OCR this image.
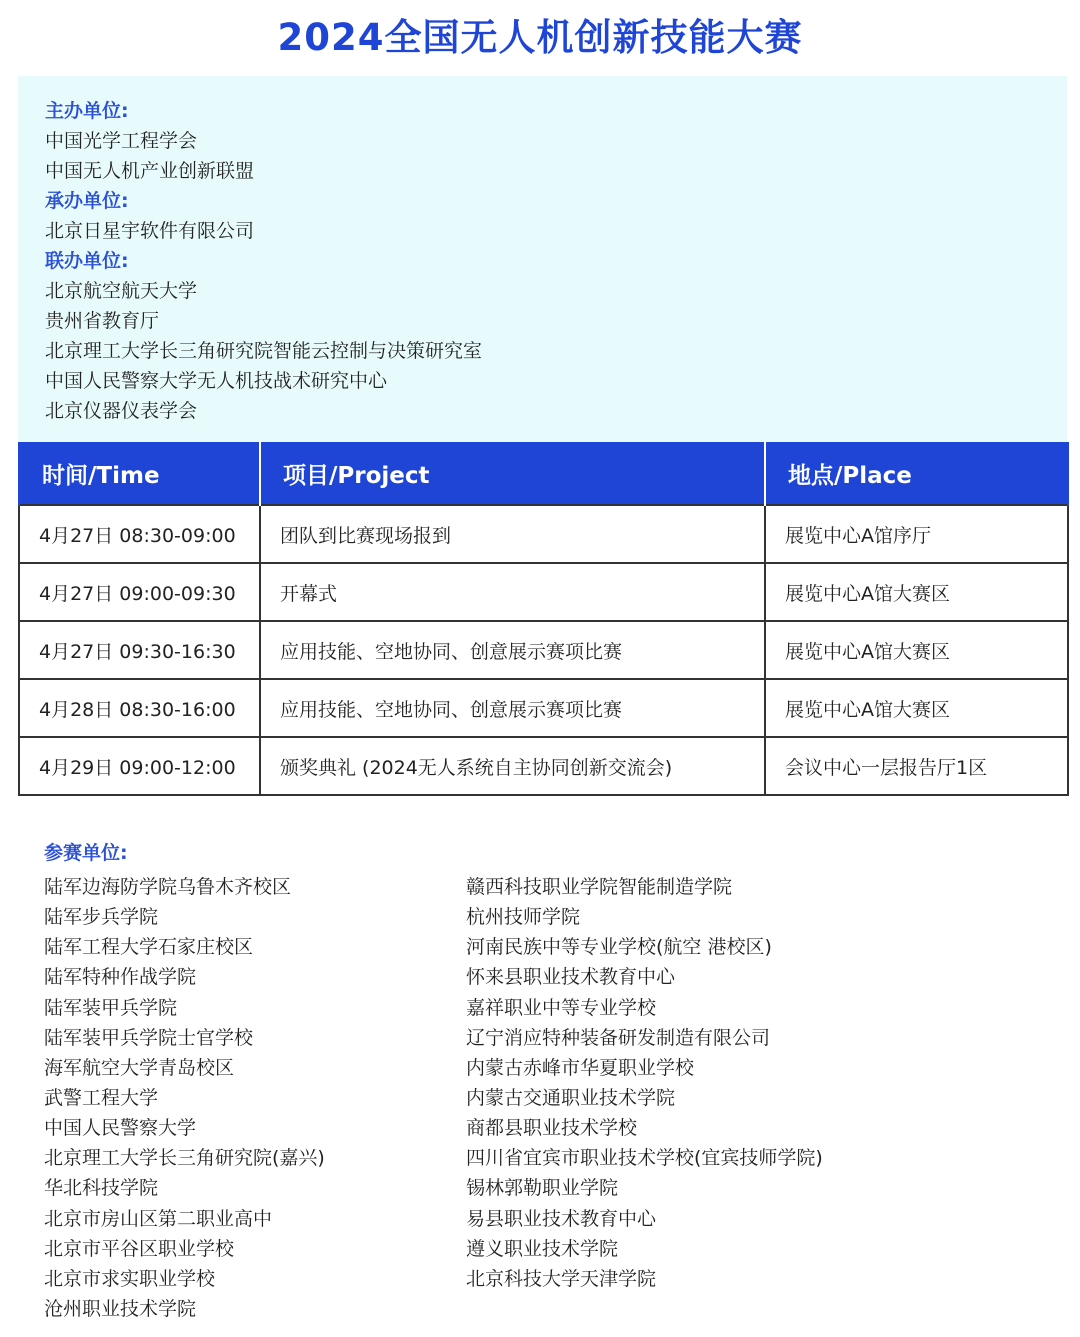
2024全国无人机创新技能大赛
主办单位:
中国光学工程学会
中国无人机产业创新联盟
承办单位:
北京日星宇软件有限公司
联办单位:
北京航空航天大学
贵州省教育厅
北京理工大学长三角研究院智能云控制与决策研究室
中国人民警察大学无人机技战术研究中心
北京仪器仪表学会
时间/Time	项目/Project	地点/Place
4月27日 08:30-09:00	团队到比赛现场报到	展览中心A馆序厅
4月27日 09:00-09:30	开幕式	展览中心A馆大赛区
4月27日 09:30-16:30	应用技能、空地协同、创意展示赛项比赛	展览中心A馆大赛区
4月28日 08:30-16:00	应用技能、空地协同、创意展示赛项比赛	展览中心A馆大赛区
4月29日 09:00-12:00	颁奖典礼 (2024无人系统自主协同创新交流会)	会议中心一层报告厅1区
参赛单位:
陆军边海防学院乌鲁木齐校区
陆军步兵学院
陆军工程大学石家庄校区
陆军特种作战学院
陆军装甲兵学院
陆军装甲兵学院士官学校
海军航空大学青岛校区
武警工程大学
中国人民警察大学
北京理工大学长三角研究院(嘉兴)
华北科技学院
北京市房山区第二职业高中
北京市平谷区职业学校
北京市求实职业学校
沧州职业技术学院
赣西科技职业学院智能制造学院
杭州技师学院
河南民族中等专业学校(航空 港校区)
怀来县职业技术教育中心
嘉祥职业中等专业学校
辽宁消应特种装备研发制造有限公司
内蒙古赤峰市华夏职业学校
内蒙古交通职业技术学院
商都县职业技术学校
四川省宜宾市职业技术学校(宜宾技师学院)
锡林郭勒职业学院
易县职业技术教育中心
遵义职业技术学院
北京科技大学天津学院
